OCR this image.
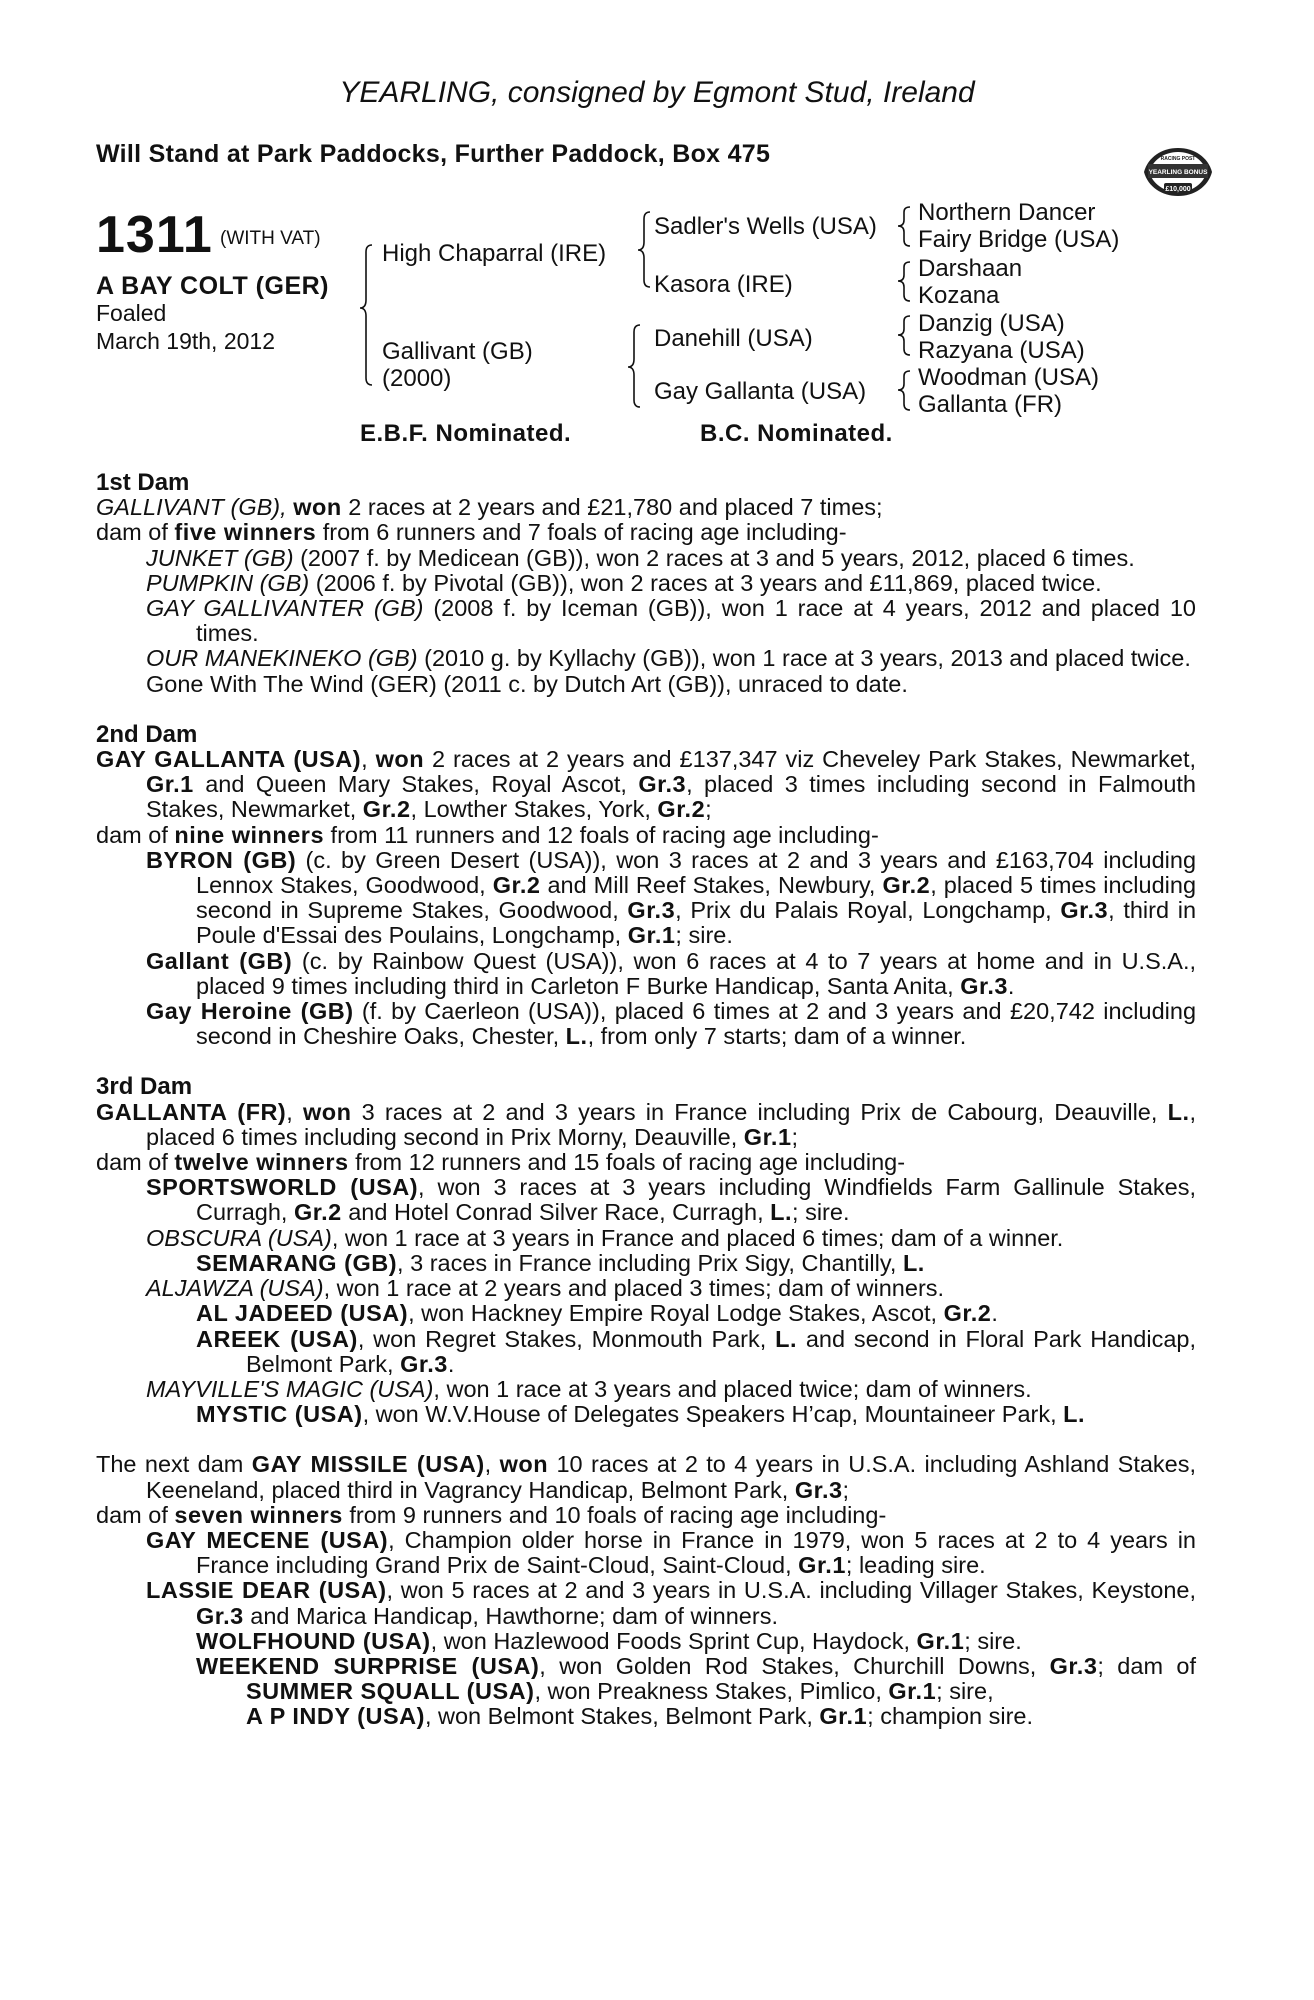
YEARLING, consigned by Egmont Stud, Ireland
Will Stand at Park Paddocks, Further Paddock, Box 475	RACING POST
YEARLING BONUS
£10,000
1311 (WITH VAT)
A BAY COLT (GER)
Foaled
March 19th, 2012
High Chaparral (IRE)
Gallivant (GB)
(2000)
Sadler's Wells (USA)
Kasora (IRE)
Danehill (USA)
Gay Gallanta (USA)
Northern Dancer
Fairy Bridge (USA)
Darshaan
Kozana
Danzig (USA)
Razyana (USA)
Woodman (USA)
Gallanta (FR)
E.B.F. Nominated.	B.C. Nominated.
1st Dam
GALLIVANT (GB), won 2 races at 2 years and £21,780 and placed 7 times;
dam of five winners from 6 runners and 7 foals of racing age including-
JUNKET (GB) (2007 f. by Medicean (GB)), won 2 races at 3 and 5 years, 2012, placed 6 times.
PUMPKIN (GB) (2006 f. by Pivotal (GB)), won 2 races at 3 years and £11,869, placed twice.
GAY GALLIVANTER (GB) (2008 f. by Iceman (GB)), won 1 race at 4 years, 2012 and placed 10 times.
OUR MANEKINEKO (GB) (2010 g. by Kyllachy (GB)), won 1 race at 3 years, 2013 and placed twice.
Gone With The Wind (GER) (2011 c. by Dutch Art (GB)), unraced to date.
2nd Dam
GAY GALLANTA (USA), won 2 races at 2 years and £137,347 viz Cheveley Park Stakes, Newmarket, Gr.1 and Queen Mary Stakes, Royal Ascot, Gr.3, placed 3 times including second in Falmouth Stakes, Newmarket, Gr.2, Lowther Stakes, York, Gr.2;
dam of nine winners from 11 runners and 12 foals of racing age including-
BYRON (GB) (c. by Green Desert (USA)), won 3 races at 2 and 3 years and £163,704 including Lennox Stakes, Goodwood, Gr.2 and Mill Reef Stakes, Newbury, Gr.2, placed 5 times including second in Supreme Stakes, Goodwood, Gr.3, Prix du Palais Royal, Longchamp, Gr.3, third in Poule d'Essai des Poulains, Longchamp, Gr.1; sire.
Gallant (GB) (c. by Rainbow Quest (USA)), won 6 races at 4 to 7 years at home and in U.S.A., placed 9 times including third in Carleton F Burke Handicap, Santa Anita, Gr.3.
Gay Heroine (GB) (f. by Caerleon (USA)), placed 6 times at 2 and 3 years and £20,742 including second in Cheshire Oaks, Chester, L., from only 7 starts; dam of a winner.
3rd Dam
GALLANTA (FR), won 3 races at 2 and 3 years in France including Prix de Cabourg, Deauville, L., placed 6 times including second in Prix Morny, Deauville, Gr.1;
dam of twelve winners from 12 runners and 15 foals of racing age including-
SPORTSWORLD (USA), won 3 races at 3 years including Windfields Farm Gallinule Stakes, Curragh, Gr.2 and Hotel Conrad Silver Race, Curragh, L.; sire.
OBSCURA (USA), won 1 race at 3 years in France and placed 6 times; dam of a winner.
SEMARANG (GB), 3 races in France including Prix Sigy, Chantilly, L.
ALJAWZA (USA), won 1 race at 2 years and placed 3 times; dam of winners.
AL JADEED (USA), won Hackney Empire Royal Lodge Stakes, Ascot, Gr.2.
AREEK (USA), won Regret Stakes, Monmouth Park, L. and second in Floral Park Handicap, Belmont Park, Gr.3.
MAYVILLE'S MAGIC (USA), won 1 race at 3 years and placed twice; dam of winners.
MYSTIC (USA), won W.V.House of Delegates Speakers H’cap, Mountaineer Park, L.
The next dam GAY MISSILE (USA), won 10 races at 2 to 4 years in U.S.A. including Ashland Stakes, Keeneland, placed third in Vagrancy Handicap, Belmont Park, Gr.3;
dam of seven winners from 9 runners and 10 foals of racing age including-
GAY MECENE (USA), Champion older horse in France in 1979, won 5 races at 2 to 4 years in France including Grand Prix de Saint-Cloud, Saint-Cloud, Gr.1; leading sire.
LASSIE DEAR (USA), won 5 races at 2 and 3 years in U.S.A. including Villager Stakes, Keystone, Gr.3 and Marica Handicap, Hawthorne; dam of winners.
WOLFHOUND (USA), won Hazlewood Foods Sprint Cup, Haydock, Gr.1; sire.
WEEKEND SURPRISE (USA), won Golden Rod Stakes, Churchill Downs, Gr.3; dam of SUMMER SQUALL (USA), won Preakness Stakes, Pimlico, Gr.1; sire,
A P INDY (USA), won Belmont Stakes, Belmont Park, Gr.1; champion sire.
